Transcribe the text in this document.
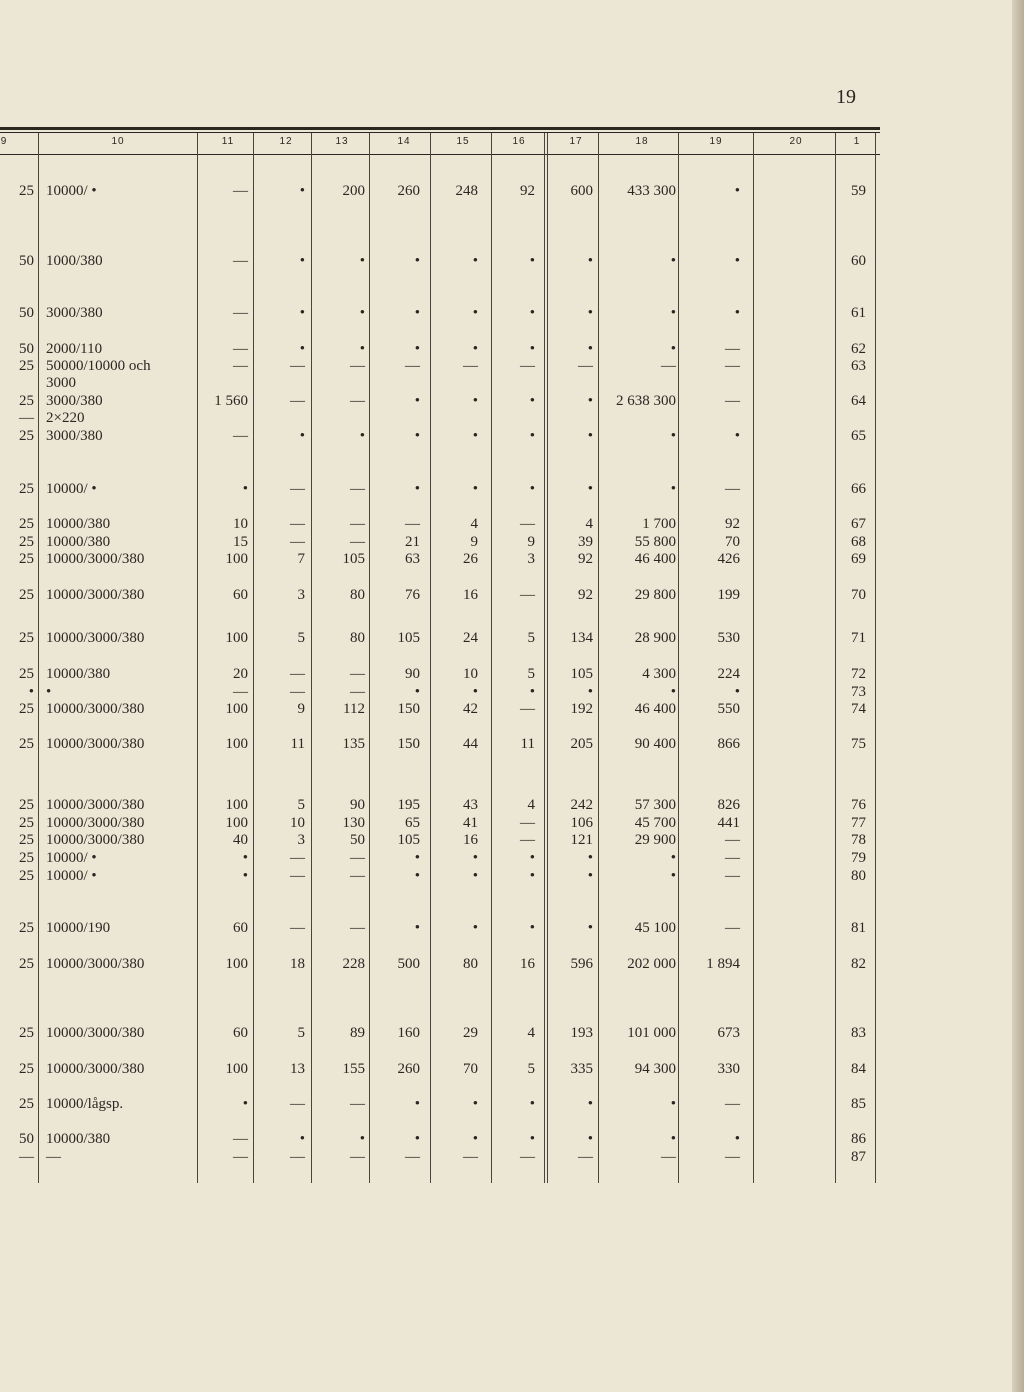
19
25 10000/ •	—	•	200	260	248	92	600	433 300	•	59
50 1000/380	—	•	•	•	•	•	•	•	•	60
50 3000/380	—	•	•	•	•	•	•	•	•	61
50 2000/110	—	•	•	•	•	•	•	•	—	62
25 50000/10000 och	—	—	—	—	—	—	—	—	—	63
3000
25 3000/380	1 560	—	—	•	•	•	•	2 638 300	—	64
— 2×220
25 3000/380	—	•	•	•	•	•	•	•	•	65
25 10000/ •	•	—	—	•	•	•	•	•	—	66
25 10000/380	10	—	—	—	4	—	4	1 700	92	67
25 10000/380	15	—	—	21	9	9	39	55 800	70	68
25 10000/3000/380	100	7	105	63	26	3	92	46 400	426	69
25 10000/3000/380	60	3	80	76	16	—	92	29 800	199	70
25 10000/3000/380	100	5	80	105	24	5	134	28 900	530	71
25 10000/380	20	—	—	90	10	5	105	4 300	224	72
• •	—	—	—	•	•	•	•	•	•	73
25 10000/3000/380	100	9	112	150	42	—	192	46 400	550	74
25 10000/3000/380	100	11	135	150	44	11	205	90 400	866	75
25 10000/3000/380	100	5	90	195	43	4	242	57 300	826	76
25 10000/3000/380	100	10	130	65	41	—	106	45 700	441	77
25 10000/3000/380	40	3	50	105	16	—	121	29 900	—	78
25 10000/ •	•	—	—	•	•	•	•	•	—	79
25 10000/ •	•	—	—	•	•	•	•	•	—	80
25 10000/190	60	—	—	•	•	•	•	45 100	—	81
25 10000/3000/380	100	18	228	500	80	16	596	202 000	1 894	82
25 10000/3000/380	60	5	89	160	29	4	193	101 000	673	83
25 10000/3000/380	100	13	155	260	70	5	335	94 300	330	84
25 10000/lågsp.	•	—	—	•	•	•	•	•	—	85
50 10000/380	—	•	•	•	•	•	•	•	•	86
— —	—	—	—	—	—	—	—	—	—	87
9	10	11	12	13	14	15	16	17	18	19	20	1
